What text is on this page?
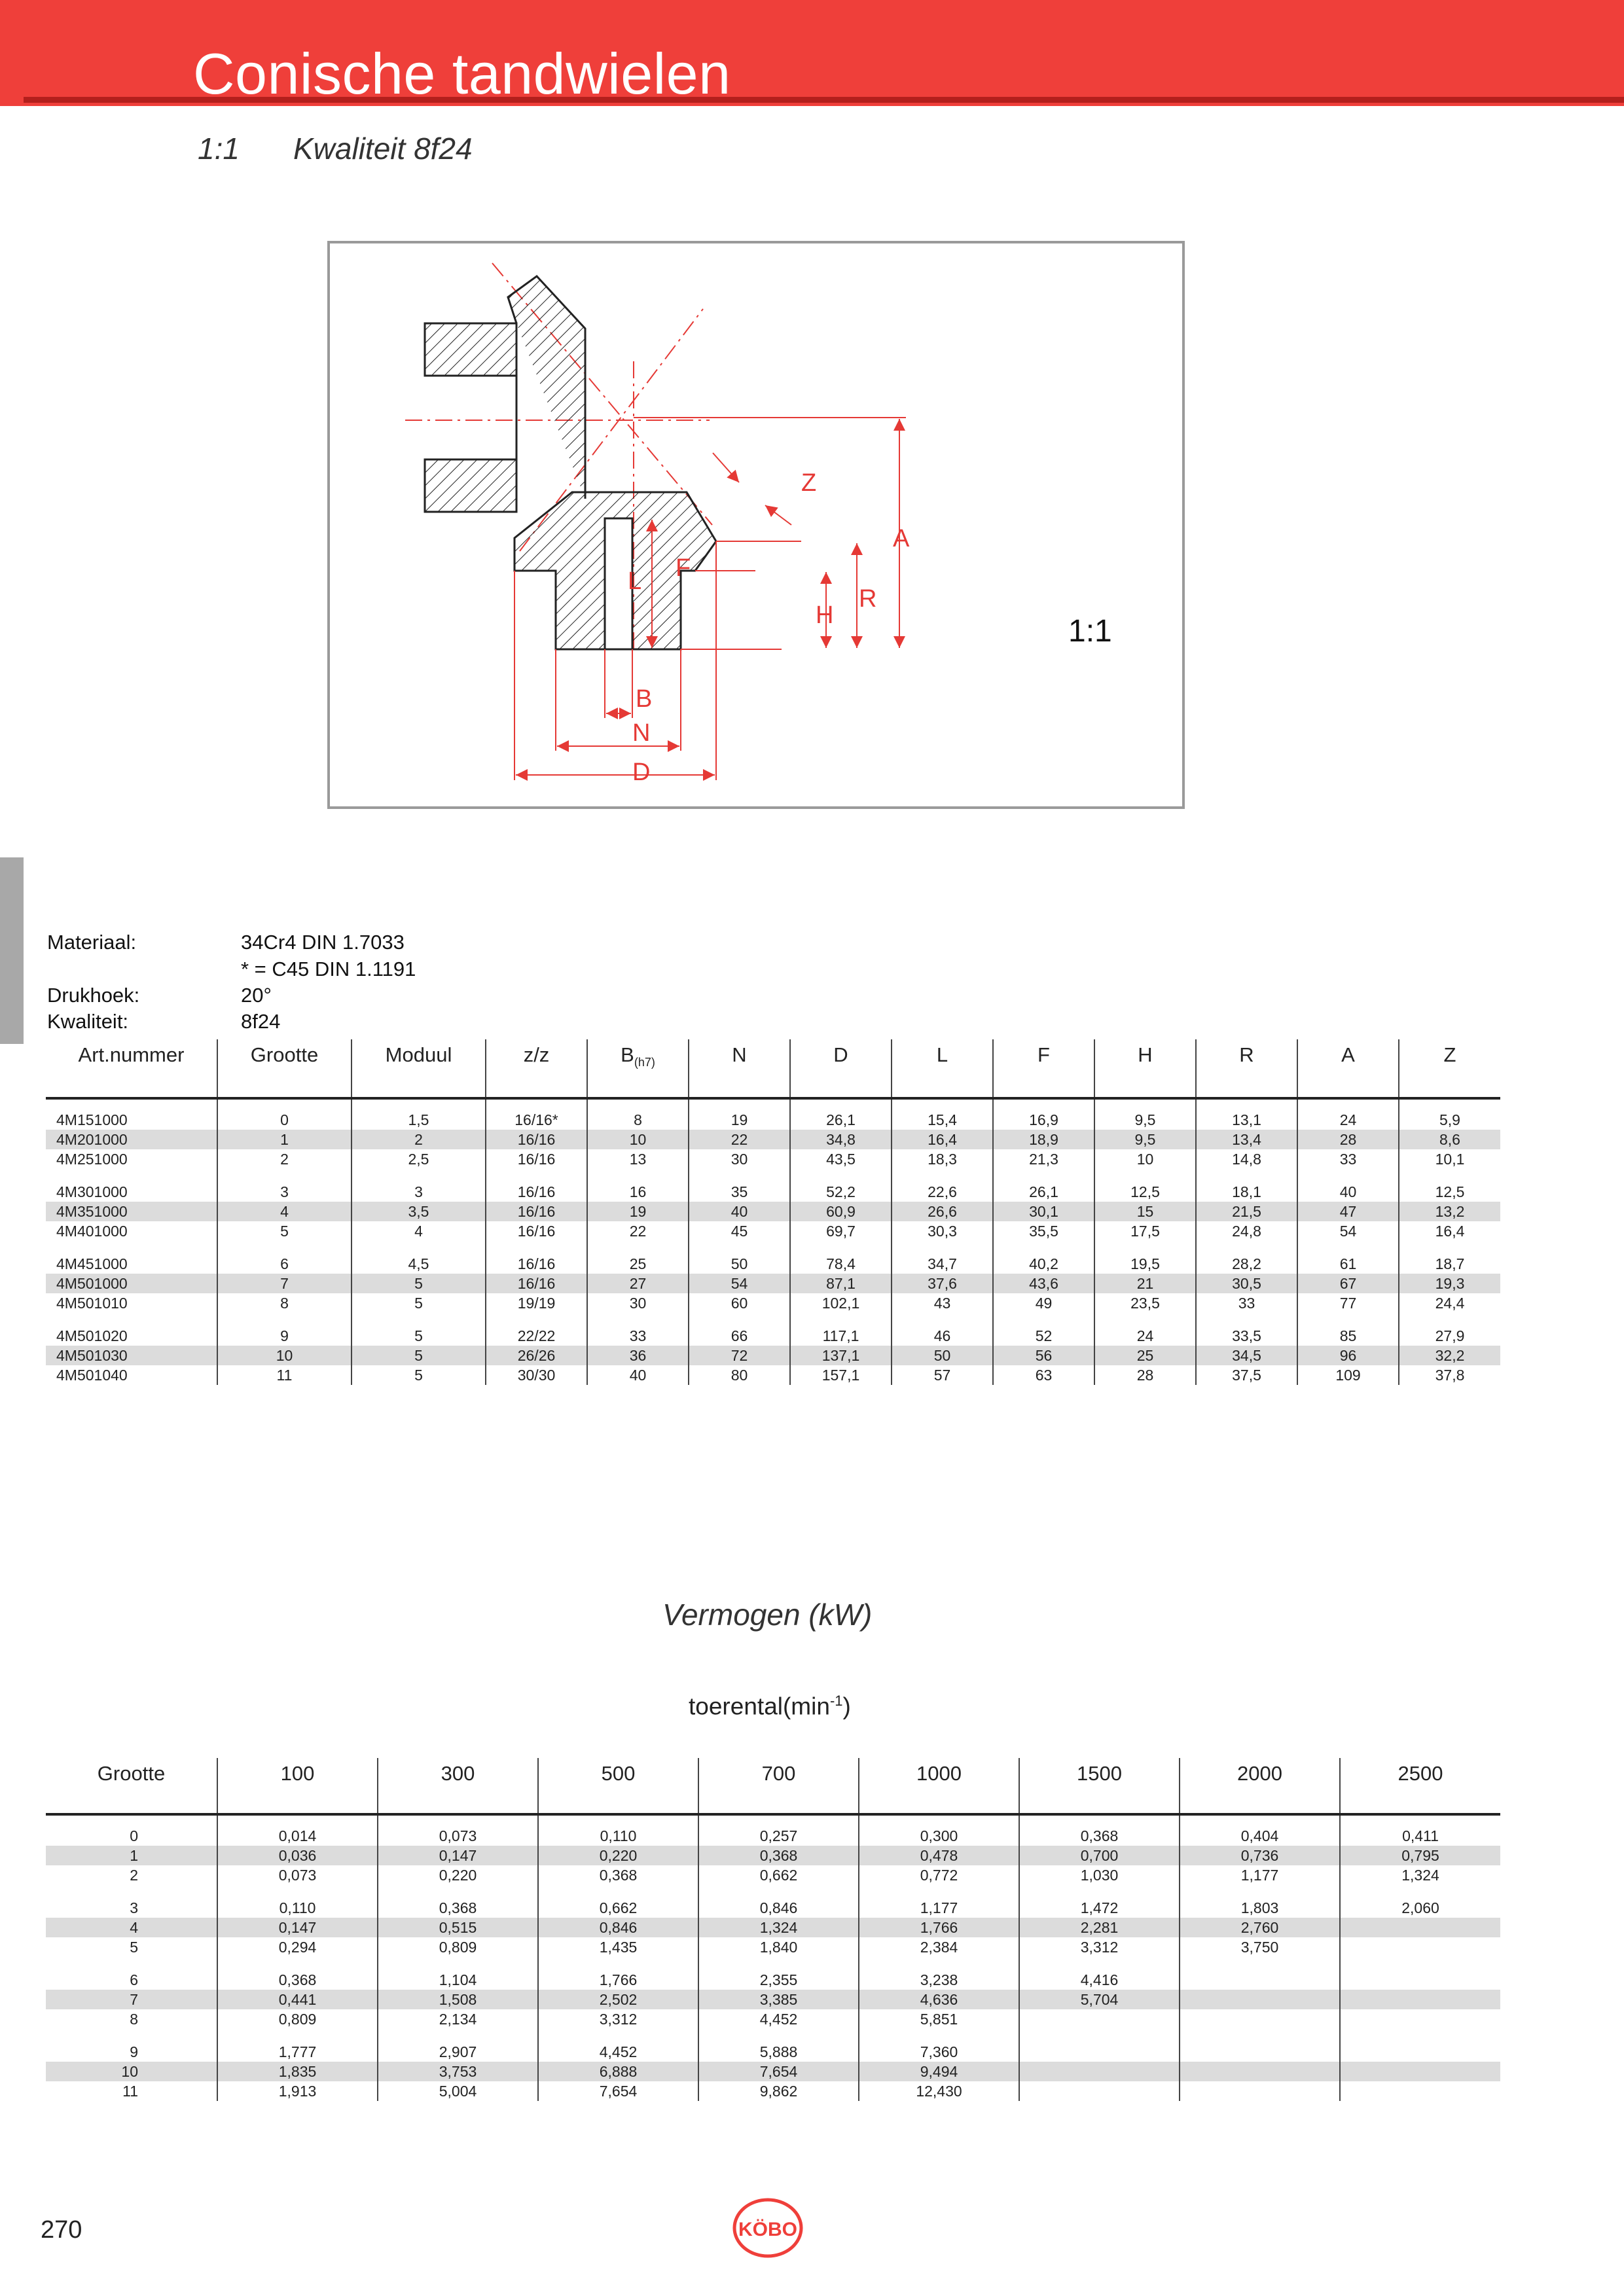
Conische tandwielen
1:1 Kwaliteit 8f24
Z
A
R
H
L F
B
N
D
1:1
Materiaal:	34Cr4 DIN 1.7033
* = C45 DIN 1.1191
Drukhoek:	20°
Kwaliteit:	8f24
Art.nummer	Grootte	Moduul	z/z	$B_{(h7)}$	N	D	L	F	H	R	A	Z

4M151000	0	1,5	16/16*	8	19	26,1	15,4	16,9	9,5	13,1	24	5,9
4M201000	1	2	16/16	10	22	34,8	16,4	18,9	9,5	13,4	28	8,6
4M251000	2	2,5	16/16	13	30	43,5	18,3	21,3	10	14,8	33	10,1

4M301000	3	3	16/16	16	35	52,2	22,6	26,1	12,5	18,1	40	12,5
4M351000	4	3,5	16/16	19	40	60,9	26,6	30,1	15	21,5	47	13,2
4M401000	5	4	16/16	22	45	69,7	30,3	35,5	17,5	24,8	54	16,4

4M451000	6	4,5	16/16	25	50	78,4	34,7	40,2	19,5	28,2	61	18,7
4M501000	7	5	16/16	27	54	87,1	37,6	43,6	21	30,5	67	19,3
4M501010	8	5	19/19	30	60	102,1	43	49	23,5	33	77	24,4

4M501020	9	5	22/22	33	66	117,1	46	52	24	33,5	85	27,9
4M501030	10	5	26/26	36	72	137,1	50	56	25	34,5	96	32,2
4M501040	11	5	30/30	40	80	157,1	57	63	28	37,5	109	37,8
Vermogen (kW)
$toerental(\min^{-1})$
Grootte	100	300	500	700	1000	1500	2000	2500

0	0,014	0,073	0,110	0,257	0,300	0,368	0,404	0,411
1	0,036	0,147	0,220	0,368	0,478	0,700	0,736	0,795
2	0,073	0,220	0,368	0,662	0,772	1,030	1,177	1,324

3	0,110	0,368	0,662	0,846	1,177	1,472	1,803	2,060
4	0,147	0,515	0,846	1,324	1,766	2,281	2,760	
5	0,294	0,809	1,435	1,840	2,384	3,312	3,750	

6	0,368	1,104	1,766	2,355	3,238	4,416		
7	0,441	1,508	2,502	3,385	4,636	5,704		
8	0,809	2,134	3,312	4,452	5,851			

9	1,777	2,907	4,452	5,888	7,360			
10	1,835	3,753	6,888	7,654	9,494			
11	1,913	5,004	7,654	9,862	12,430			
270	KÖBO
